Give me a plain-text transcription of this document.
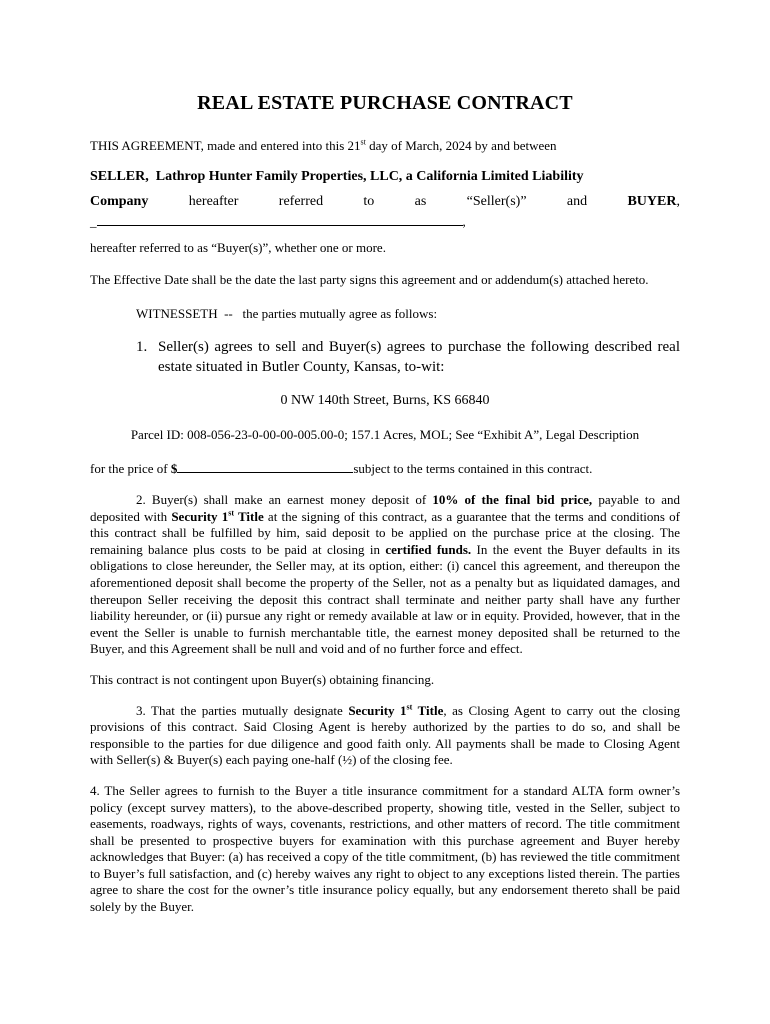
REAL ESTATE PURCHASE CONTRACT

THIS AGREEMENT, made and entered into this 21st day of March, 2024 by and between

SELLER, Lathrop Hunter Family Properties, LLC, a California Limited Liability

Company	hereafter	referred	to	as	“Seller(s)”	and	BUYER,

_	,

hereafter referred to as “Buyer(s)”, whether one or more.

The Effective Date shall be the date the last party signs this agreement and or addendum(s) attached hereto.

WITNESSETH  --   the parties mutually agree as follows:

1. Seller(s) agrees to sell and Buyer(s) agrees to purchase the following described real estate situated in Butler County, Kansas, to-wit:

0 NW 140th Street, Burns, KS 66840

Parcel ID: 008-056-23-0-00-00-005.00-0; 157.1 Acres, MOL; See “Exhibit A”, Legal Description

for the price of $	subject to the terms contained in this contract.

2. Buyer(s) shall make an earnest money deposit of 10% of the final bid price, payable to and deposited with Security 1st Title at the signing of this contract, as a guarantee that the terms and conditions of this contract shall be fulfilled by him, said deposit to be applied on the purchase price at the closing. The remaining balance plus costs to be paid at closing in certified funds. In the event the Buyer defaults in its obligations to close hereunder, the Seller may, at its option, either: (i) cancel this agreement, and thereupon the aforementioned deposit shall become the property of the Seller, not as a penalty but as liquidated damages, and thereupon Seller receiving the deposit this contract shall terminate and neither party shall have any further liability hereunder, or (ii) pursue any right or remedy available at law or in equity. Provided, however, that in the event the Seller is unable to furnish merchantable title, the earnest money deposited shall be returned to the Buyer, and this Agreement shall be null and void and of no further force and effect.

This contract is not contingent upon Buyer(s) obtaining financing.

3. That the parties mutually designate Security 1st Title, as Closing Agent to carry out the closing provisions of this contract. Said Closing Agent is hereby authorized by the parties to do so, and shall be responsible to the parties for due diligence and good faith only. All payments shall be made to Closing Agent with Seller(s) & Buyer(s) each paying one-half (½) of the closing fee.

4. The Seller agrees to furnish to the Buyer a title insurance commitment for a standard ALTA form owner’s policy (except survey matters), to the above-described property, showing title, vested in the Seller, subject to easements, roadways, rights of ways, covenants, restrictions, and other matters of record. The title commitment shall be presented to prospective buyers for examination with this purchase agreement and Buyer hereby acknowledges that Buyer: (a) has received a copy of the title commitment, (b) has reviewed the title commitment to Buyer’s full satisfaction, and (c) hereby waives any right to object to any exceptions listed therein. The parties agree to share the cost for the owner’s title insurance policy equally, but any endorsement thereto shall be paid solely by the Buyer.
